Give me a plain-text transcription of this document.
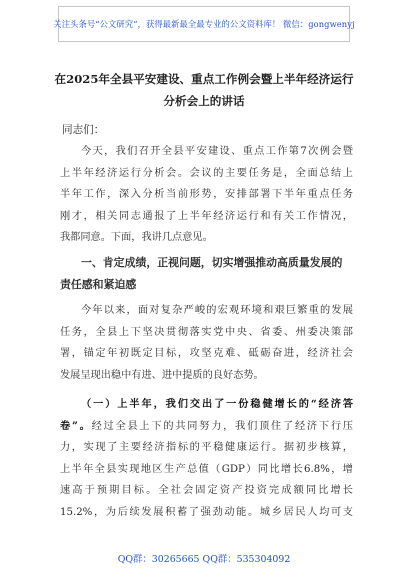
关注头条号“公文研究”，获得最新最全最专业的公文资料库！ 微信：gongwenyj
在2025年全县平安建设、重点工作例会暨上半年经济运行
分析会上的讲话
同志们：
今天，我们召开全县平安建设、重点工作第7次例会暨
上半年经济运行分析会。会议的主要任务是，全面总结上
半年工作，深入分析当前形势，安排部署下半年重点任务
刚才，相关同志通报了上半年经济运行和有关工作情况，
我都同意。下面，我讲几点意见。
一、肯定成绩，正视问题，切实增强推动高质量发展的
责任感和紧迫感
今年以来，面对复杂严峻的宏观环境和艰巨繁重的发展
任务，全县上下坚决贯彻落实党中央、省委、州委决策部
署，锚定年初既定目标，攻坚克难、砥砺奋进，经济社会
发展呈现出稳中有进、进中提质的良好态势。
（一）上半年，我们交出了一份稳健增长的“经济答
卷”。经过全县上下的共同努力，我们顶住了经济下行压
力，实现了主要经济指标的平稳健康运行。据初步核算，
上半年全县实现地区生产总值（GDP）同比增长6.8%，增
速高于预期目标。全社会固定资产投资完成额同比增长
15.2%，为后续发展积蓄了强劲动能。城乡居民人均可支
QQ群：30265665 QQ群：535304092
